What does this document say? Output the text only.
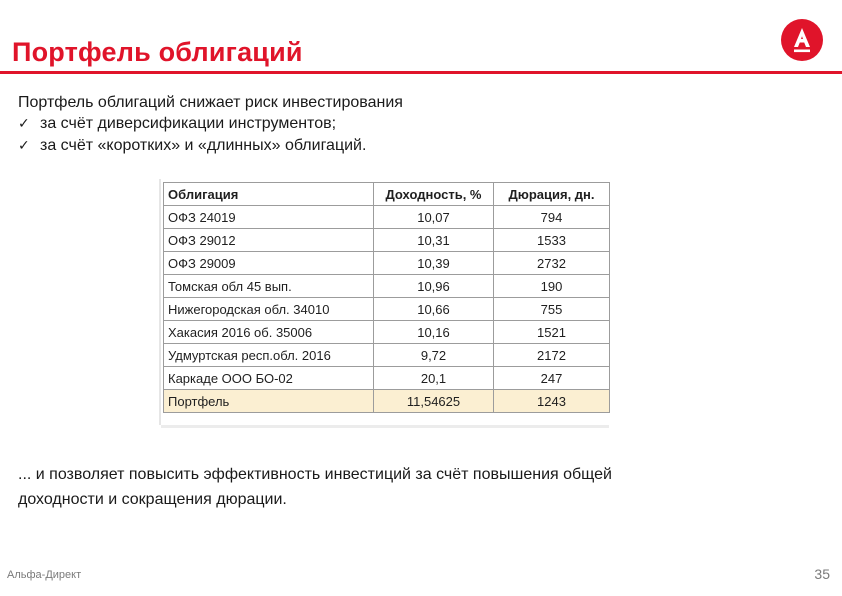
Портфель облигаций
Портфель облигаций снижает риск инвестирования
✓ за счёт диверсификации инструментов;
✓ за счёт «коротких» и «длинных» облигаций.
Облигация	Доходность, %	Дюрация, дн.
ОФЗ 24019	10,07	794
ОФЗ 29012	10,31	1533
ОФЗ 29009	10,39	2732
Томская обл 45 вып.	10,96	190
Нижегородская обл. 34010	10,66	755
Хакасия 2016 об. 35006	10,16	1521
Удмуртская респ.обл. 2016	9,72	2172
Каркаде ООО БО-02	20,1	247
Портфель	11,54625	1243
... и позволяет повысить эффективность инвестиций за счёт повышения общей
доходности и сокращения дюрации.
Альфа-Директ	35
